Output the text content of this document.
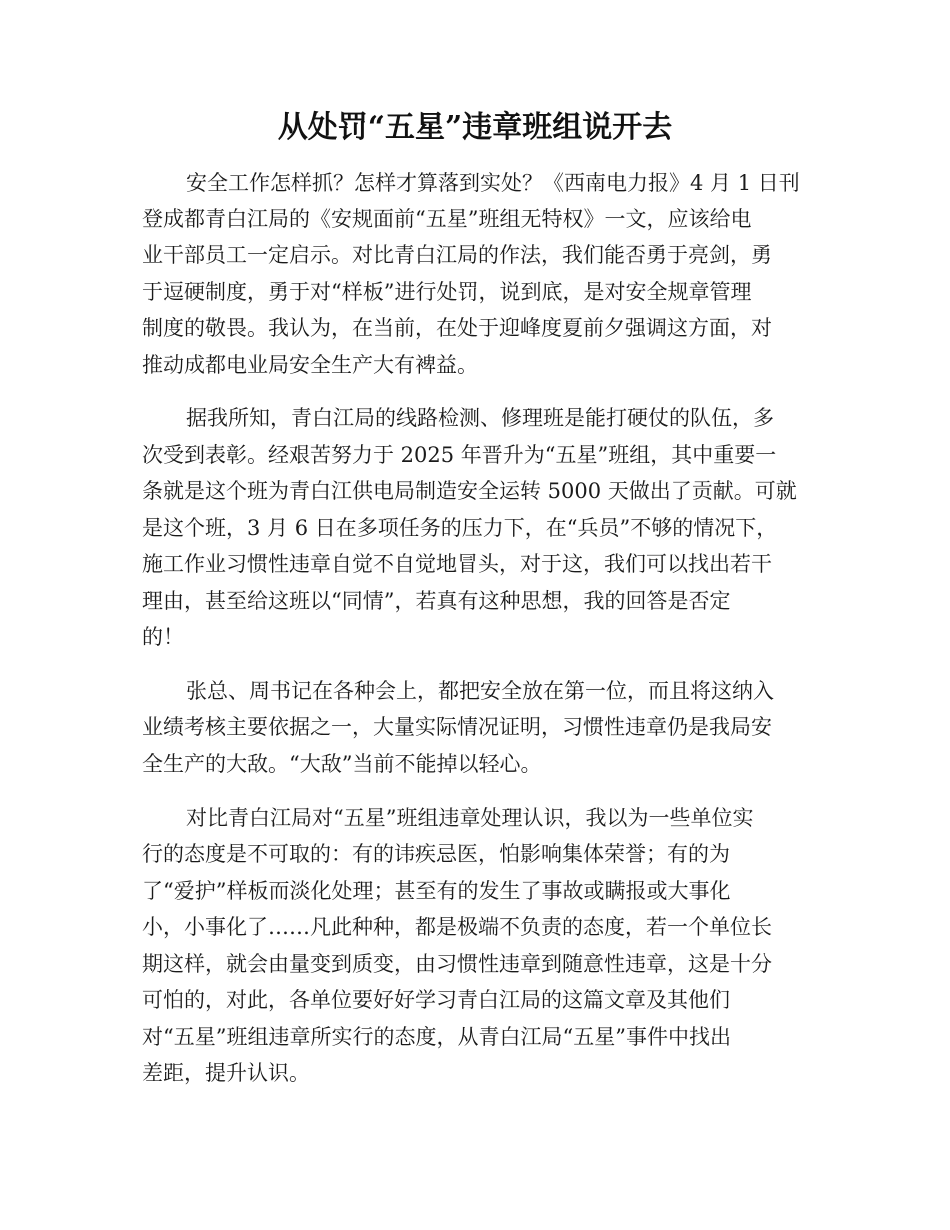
从处罚“五星”违章班组说开去

安全工作怎样抓？怎样才算落到实处？《西南电力报》4 月 1 日刊

登成都青白江局的《安规面前“五星”班组无特权》一文，应该给电

业干部员工一定启示。对比青白江局的作法，我们能否勇于亮剑，勇

于逗硬制度，勇于对“样板”进行处罚，说到底，是对安全规章管理

制度的敬畏。我认为，在当前，在处于迎峰度夏前夕强调这方面，对

推动成都电业局安全生产大有裨益。

据我所知，青白江局的线路检测、修理班是能打硬仗的队伍，多

次受到表彰。经艰苦努力于 2025 年晋升为“五星”班组，其中重要一

条就是这个班为青白江供电局制造安全运转 5000 天做出了贡献。可就

是这个班，3 月 6 日在多项任务的压力下，在“兵员”不够的情况下，

施工作业习惯性违章自觉不自觉地冒头，对于这，我们可以找出若干

理由，甚至给这班以“同情”，若真有这种思想，我的回答是否定

的！

张总、周书记在各种会上，都把安全放在第一位，而且将这纳入

业绩考核主要依据之一，大量实际情况证明，习惯性违章仍是我局安

全生产的大敌。“大敌”当前不能掉以轻心。

对比青白江局对“五星”班组违章处理认识，我以为一些单位实

行的态度是不可取的：有的讳疾忌医，怕影响集体荣誉；有的为

了“爱护”样板而淡化处理；甚至有的发生了事故或瞒报或大事化

小，小事化了……凡此种种，都是极端不负责的态度，若一个单位长

期这样，就会由量变到质变，由习惯性违章到随意性违章，这是十分

可怕的，对此，各单位要好好学习青白江局的这篇文章及其他们

对“五星”班组违章所实行的态度，从青白江局“五星”事件中找出

差距，提升认识。
